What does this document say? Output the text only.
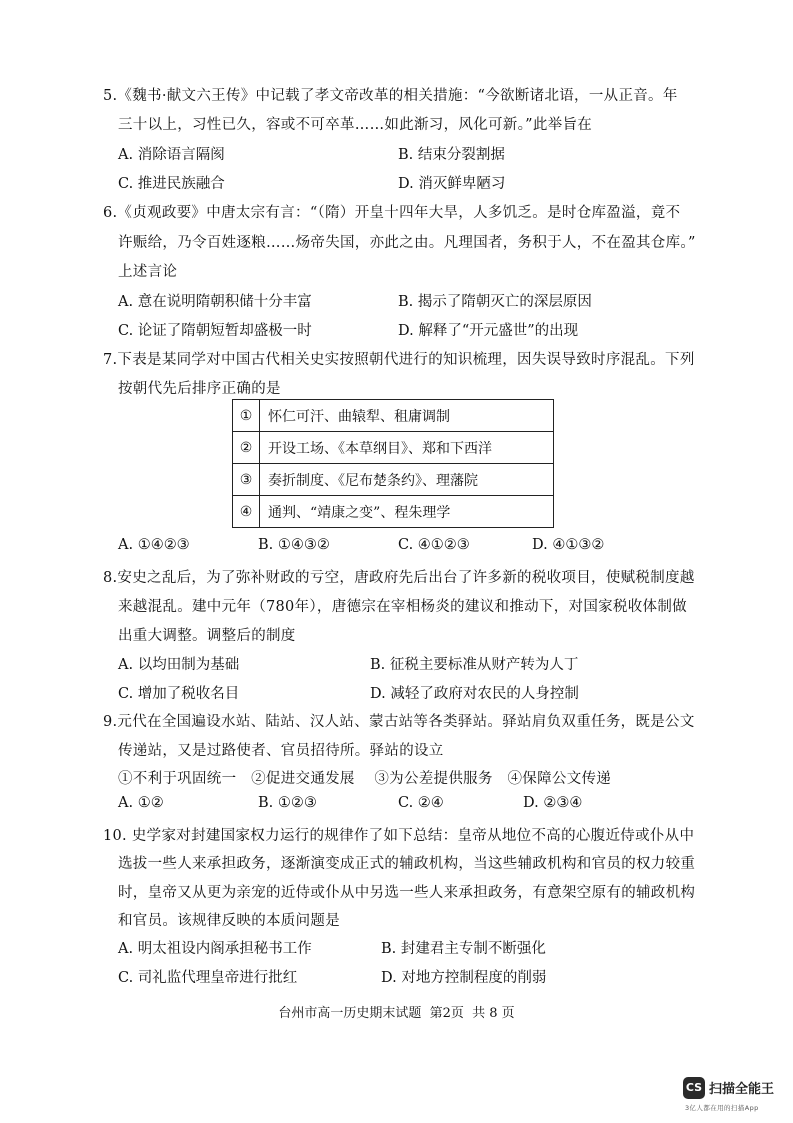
5.《魏书·献文六王传》中记载了孝文帝改革的相关措施：“今欲断诸北语，一从正音。年
三十以上，习性已久，容或不可卒革……如此渐习，风化可新。”此举旨在
A. 消除语言隔阂	B. 结束分裂割据
C. 推进民族融合	D. 消灭鲜卑陋习
6.《贞观政要》中唐太宗有言：“（隋）开皇十四年大旱，人多饥乏。是时仓库盈溢，竟不
许赈给，乃令百姓逐粮……炀帝失国，亦此之由。凡理国者，务积于人，不在盈其仓库。”
上述言论
A. 意在说明隋朝积储十分丰富	B. 揭示了隋朝灭亡的深层原因
C. 论证了隋朝短暂却盛极一时	D. 解释了“开元盛世”的出现
7.下表是某同学对中国古代相关史实按照朝代进行的知识梳理，因失误导致时序混乱。下列
按朝代先后排序正确的是
①	怀仁可汗、曲辕犁、租庸调制
②	开设工场、《本草纲目》、郑和下西洋
③	奏折制度、《尼布楚条约》、理藩院
④	通判、“靖康之变”、程朱理学
A. ①④②③	B. ①④③②	C. ④①②③	D. ④①③②
8.安史之乱后，为了弥补财政的亏空，唐政府先后出台了许多新的税收项目，使赋税制度越
来越混乱。建中元年（780年），唐德宗在宰相杨炎的建议和推动下，对国家税收体制做
出重大调整。调整后的制度
A. 以均田制为基础	B. 征税主要标准从财产转为人丁
C. 增加了税收名目	D. 减轻了政府对农民的人身控制
9.元代在全国遍设水站、陆站、汉人站、蒙古站等各类驿站。驿站肩负双重任务，既是公文
传递站，又是过路使者、官员招待所。驿站的设立
①不利于巩固统一   ②促进交通发展    ③为公差提供服务   ④保障公文传递
A. ①②	B. ①②③	C. ②④	D. ②③④
10. 史学家对封建国家权力运行的规律作了如下总结：皇帝从地位不高的心腹近侍或仆从中
选拔一些人来承担政务，逐渐演变成正式的辅政机构，当这些辅政机构和官员的权力较重
时，皇帝又从更为亲宠的近侍或仆从中另选一些人来承担政务，有意架空原有的辅政机构
和官员。该规律反映的本质问题是
A. 明太祖设内阁承担秘书工作	B. 封建君主专制不断强化
C. 司礼监代理皇帝进行批红	D. 对地方控制程度的削弱
台州市高一历史期末试题  第2页  共 8 页
CS 扫描全能王
3亿人都在用的扫描App
